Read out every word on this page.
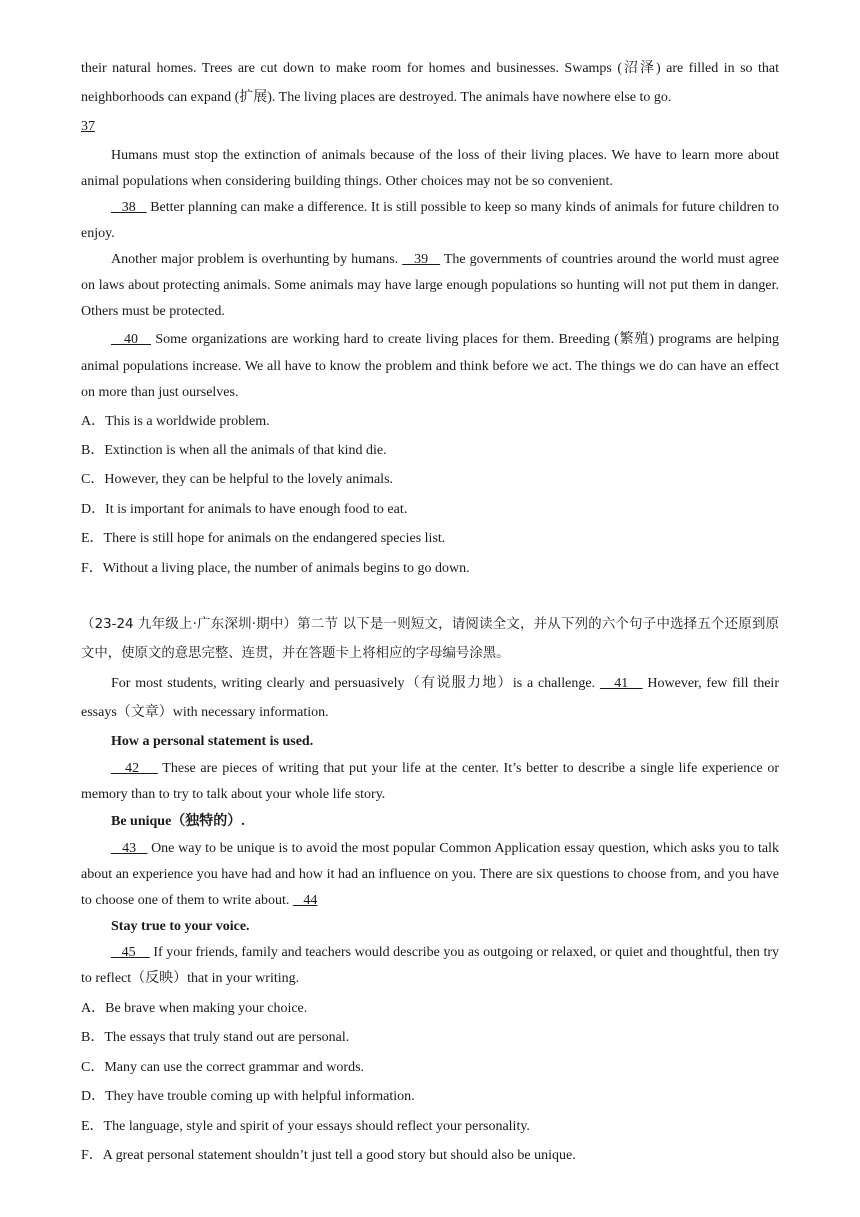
their natural homes. Trees are cut down to make room for homes and businesses. Swamps (沼泽) are filled in so that neighborhoods can expand (扩展). The living places are destroyed. The animals have nowhere else to go.
37

Humans must stop the extinction of animals because of the loss of their living places. We have to learn more about animal populations when considering building things. Other choices may not be so convenient.

38    Better planning can make a difference. It is still possible to keep so many kinds of animals for future children to enjoy.

Another major problem is overhunting by humans.    39    The governments of countries around the world must agree on laws about protecting animals. Some animals may have large enough populations so hunting will not put them in danger. Others must be protected.

40    Some organizations are working hard to create living places for them. Breeding (繁殖) programs are helping animal populations increase. We all have to know the problem and think before we act. The things we do can have an effect on more than just ourselves.

A．This is a worldwide problem.

B．Extinction is when all the animals of that kind die.

C．However, they can be helpful to the lovely animals.

D．It is important for animals to have enough food to eat.

E．There is still hope for animals on the endangered species list.

F．Without a living place, the number of animals begins to go down.

（23-24 九年级上·广东深圳·期中）第二节 以下是一则短文，请阅读全文，并从下列的六个句子中选择五个还原到原文中，使原文的意思完整、连贯，并在答题卡上将相应的字母编号涂黑。

For most students, writing clearly and persuasively（有说服力地）is a challenge.    41    However, few fill their essays（文章）with necessary information.

How a personal statement is used.

42     These are pieces of writing that put your life at the center. It’s better to describe a single life experience or memory than to try to talk about your whole life story.

Be unique（独特的）.

43    One way to be unique is to avoid the most popular Common Application essay question, which asks you to talk about an experience you have had and how it had an influence on you. There are six questions to choose from, and you have to choose one of them to write about.    44

Stay true to your voice.

45     If your friends, family and teachers would describe you as outgoing or relaxed, or quiet and thoughtful, then try to reflect（反映）that in your writing.

A．Be brave when making your choice.

B．The essays that truly stand out are personal.

C．Many can use the correct grammar and words.

D．They have trouble coming up with helpful information.

E．The language, style and spirit of your essays should reflect your personality.

F．A great personal statement shouldn’t just tell a good story but should also be unique.
